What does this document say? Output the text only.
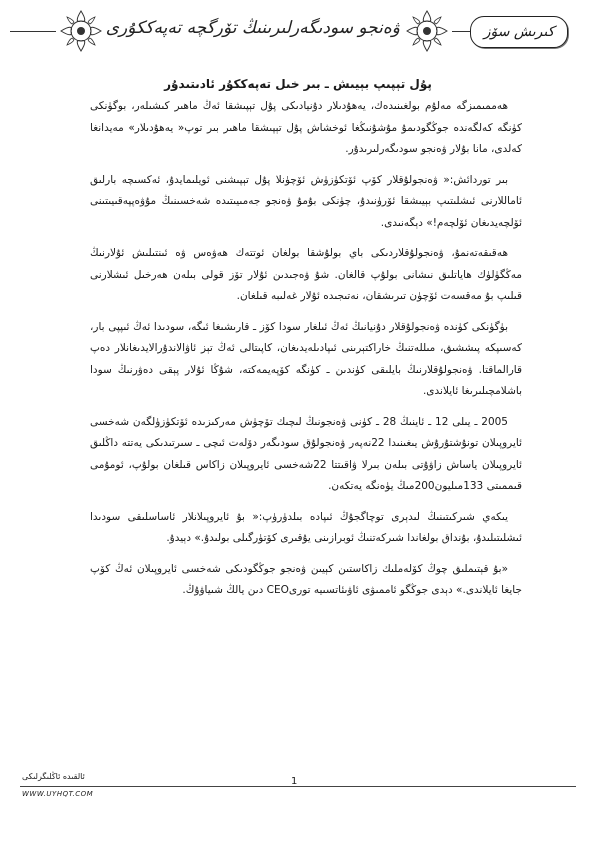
ۋەنجو سودىگەرلىرىنىڭ تۆرگچە تەپەككۇرى	كىرىش سۆز
پۇل تېپىپ بېيىش ـ بىر خىل تەپەككۇر ئادىتىدۇر

ھەممىمىزگە مەلۇم بولغىنىدەك، يەھۇدىلار دۇنيادىكى پۇل تېپىشقا ئەڭ ماھىر كىشىلەر، بوگۈنكى كۈنگە كەلگەندە جوڭگودىمۇ مۇشۇنىڭغا ئوخشاش پۇل تېپىشقا ماھىر بىر توپ« يەھۇدىلار» مەيدانغا كەلدى، مانا بۇلار ۋەنجو سودىگەرلىرىدۇر.

بىر توردائش:« ۋەنجولۇقلار كۆپ ئۆتكۈزۈش ئۆچۈنلا پۇل تېپىشنى ئويلىمايدۇ، ئەكسىچە بارلىق ئاماللارنى ئىشلىتىپ بېيىشقا ئۆرۈنىدۇ، چۈنكى بۇمۇ ۋەنجو جەمىيىتىدە شەخسىنىڭ مۇۋەپپەقىيىتىنى ئۆلچەيدىغان ئۆلچەم!» دېگەنىدى.

ھەقىقەتەنمۇ، ۋەنجولۇقلاردىكى باي بولۇشقا بولغان ئوتتەك ھەۋەس ۋە ئىنتىلىش ئۇلارنىڭ مەڭگۈلۈك ھاياتلىق نىشانى بولۇپ قالغان. شۇ ۋەجىدىن ئۇلار تۆز قولى بىلەن ھەرخىل ئىشلارنى قىلىپ بۇ مەقسەت ئۆچۈن تىرىشقان، نەتىجىدە ئۇلار غەلىبە قىلغان.

بۈگۈنكى كۈندە ۋەنجولۇقلار دۇنيانىڭ ئەڭ ئىلغار سودا كۆز ـ قارىشىغا ئىگە، سودىدا ئەڭ ئىپپى بار، كەسىپكە پىششىق، مىللەتنىڭ خاراكتېرىنى ئىپادىلەيدىغان، كاپىتالى ئەڭ تېز ئاۋالاندۇرالايدىغانلار دەپ قارالماقتا. ۋەنجولۇقلارنىڭ بايلىقى كۈندىن ـ كۈنگە كۆپەيمەكتە، شۇڭا ئۇلار پېقى دەۋرنىڭ سودا باشلامچىلىرىغا ئايلاندى.

2005 ـ يىلى 12 ـ ئاينىڭ 28 ـ كۈنى ۋەنجونىڭ لىچىك تۆچۈش مەركىزىدە ئۆتكۈزۈلگەن شەخسى ئايروپىلان تونۇشتۇرۇش يىغىنىدا 22نەپەر ۋەنجولۇق سودىگەر دۆلەت ئىچى ـ سىرتىدىكى يەتتە داڭلىق ئايروپىلان ياساش زاۋۇتى بىلەن بىرلا ۋاقىتتا 22شەخسى ئايروپىلان زاكاس قىلغان بولۇپ، ئومۇمى قىممىتى 133مىليون200مىڭ يۈەنگە يەتكەن.

يىكەي شىركىتىنىڭ لىدېرى توچاگجۇڭ ئىپادە بىلدۈرۈپ:« بۇ ئايروپىلانلار ئاساسلىقى سودىدا ئىشلىتىلىدۇ، بۇنداق بولغاندا شىركەتنىڭ ئوبرازىنى يۇقىرى كۆتۈرگىلى بولىدۇ.» دېيدۇ.

«بۇ قېتىملىق چوڭ كۆلەملىك زاكاستىن كېيىن ۋەنجو جوڭگودىكى شەخسى ئايروپىلان ئەڭ كۆپ جايغا ئايلاندى.» دېدى جوڭگو ئاممىۋى ئاۋىئاتسىيە تورى‌CEO دىن يالڭ شىياۋۇڭ.

ئالقىدە ئاڭلىگرلىكى
WWW.UYHQT.COM
1
